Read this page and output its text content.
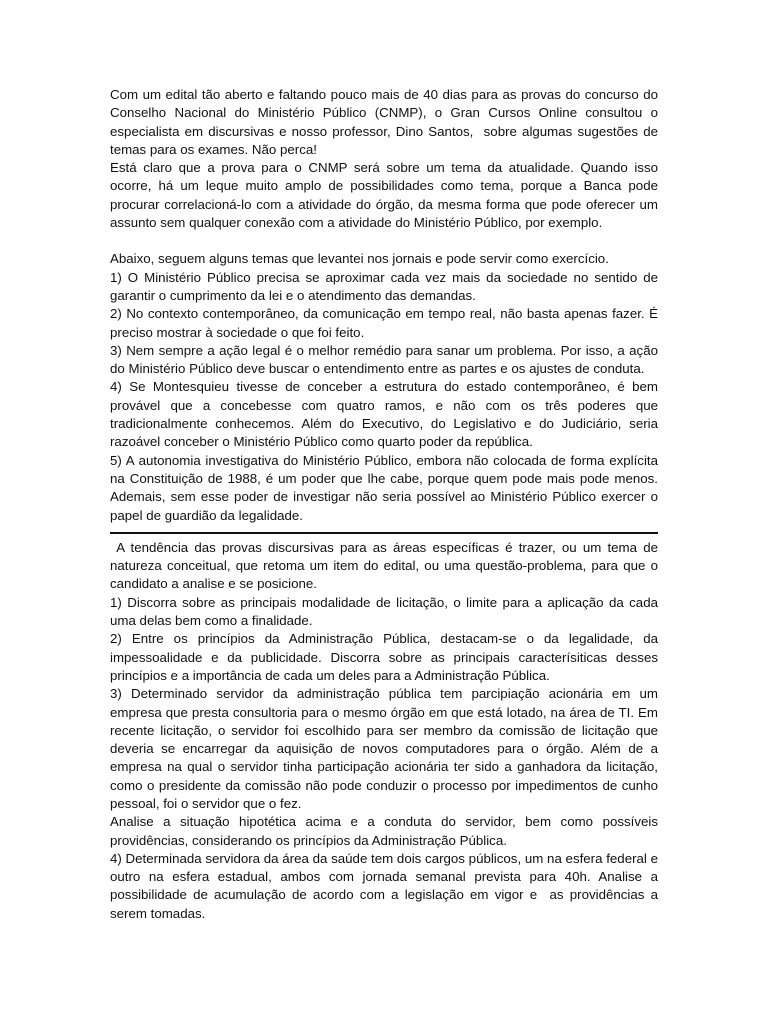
Com um edital tão aberto e faltando pouco mais de 40 dias para as provas do concurso do Conselho Nacional do Ministério Público (CNMP), o Gran Cursos Online consultou o especialista em discursivas e nosso professor, Dino Santos,  sobre algumas sugestões de temas para os exames. Não perca!

Está claro que a prova para o CNMP será sobre um tema da atualidade. Quando isso ocorre, há um leque muito amplo de possibilidades como tema, porque a Banca pode procurar correlacioná-lo com a atividade do órgão, da mesma forma que pode oferecer um assunto sem qualquer conexão com a atividade do Ministério Público, por exemplo.

Abaixo, seguem alguns temas que levantei nos jornais e pode servir como exercício.

1) O Ministério Público precisa se aproximar cada vez mais da sociedade no sentido de garantir o cumprimento da lei e o atendimento das demandas.

2) No contexto contemporâneo, da comunicação em tempo real, não basta apenas fazer. É preciso mostrar à sociedade o que foi feito.

3) Nem sempre a ação legal é o melhor remédio para sanar um problema. Por isso, a ação do Ministério Público deve buscar o entendimento entre as partes e os ajustes de conduta.

4) Se Montesquieu tivesse de conceber a estrutura do estado contemporâneo, é bem provável que a concebesse com quatro ramos, e não com os três poderes que tradicionalmente conhecemos. Além do Executivo, do Legislativo e do Judiciário, seria razoável conceber o Ministério Público como quarto poder da república.

5) A autonomia investigativa do Ministério Público, embora não colocada de forma explícita na Constituição de 1988, é um poder que lhe cabe, porque quem pode mais pode menos. Ademais, sem esse poder de investigar não seria possível ao Ministério Público exercer o papel de guardião da legalidade.

A tendência das provas discursivas para as áreas específicas é trazer, ou um tema de natureza conceitual, que retoma um item do edital, ou uma questão-problema, para que o candidato a analise e se posicione.

1) Discorra sobre as principais modalidade de licitação, o limite para a aplicação da cada uma delas bem como a finalidade.

2) Entre os princípios da Administração Pública, destacam-se o da legalidade, da impessoalidade e da publicidade. Discorra sobre as principais caracterísiticas desses princípios e a importância de cada um deles para a Administração Pública.

3) Determinado servidor da administração pública tem parcipiação acionária em um empresa que presta consultoria para o mesmo órgão em que está lotado, na área de TI. Em recente licitação, o servidor foi escolhido para ser membro da comissão de licitação que deveria se encarregar da aquisição de novos computadores para o órgão. Além de a empresa na qual o servidor tinha participação acionária ter sido a ganhadora da licitação, como o presidente da comissão não pode conduzir o processo por impedimentos de cunho pessoal, foi o servidor que o fez.

Analise a situação hipotética acima e a conduta do servidor, bem como possíveis providências, considerando os princípios da Administração Pública.

4) Determinada servidora da área da saúde tem dois cargos públicos, um na esfera federal e outro na esfera estadual, ambos com jornada semanal prevista para 40h. Analise a possibilidade de acumulação de acordo com a legislação em vigor e  as providências a serem tomadas.
